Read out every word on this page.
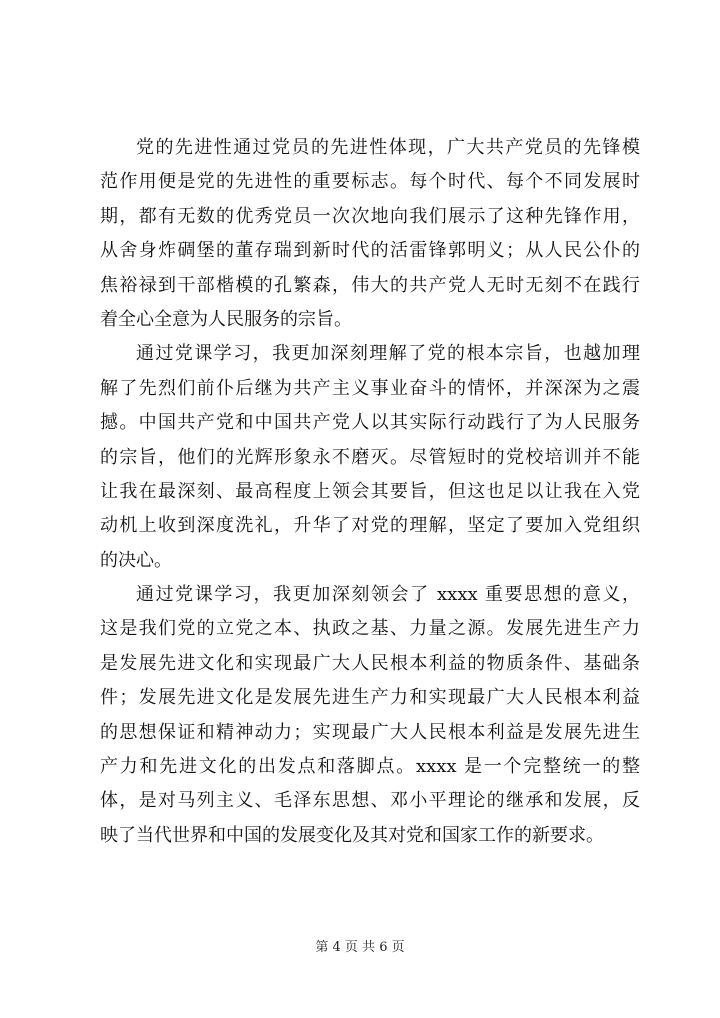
党的先进性通过党员的先进性体现，广大共产党员的先锋模
范作用便是党的先进性的重要标志。每个时代、每个不同发展时
期，都有无数的优秀党员一次次地向我们展示了这种先锋作用，
从舍身炸碉堡的董存瑞到新时代的活雷锋郭明义；从人民公仆的
焦裕禄到干部楷模的孔繁森，伟大的共产党人无时无刻不在践行
着全心全意为人民服务的宗旨。
通过党课学习，我更加深刻理解了党的根本宗旨，也越加理
解了先烈们前仆后继为共产主义事业奋斗的情怀，并深深为之震
撼。中国共产党和中国共产党人以其实际行动践行了为人民服务
的宗旨，他们的光辉形象永不磨灭。尽管短时的党校培训并不能
让我在最深刻、最高程度上领会其要旨，但这也足以让我在入党
动机上收到深度洗礼，升华了对党的理解，坚定了要加入党组织
的决心。
通过党课学习，我更加深刻领会了 xxxx 重要思想的意义，
这是我们党的立党之本、执政之基、力量之源。发展先进生产力
是发展先进文化和实现最广大人民根本利益的物质条件、基础条
件；发展先进文化是发展先进生产力和实现最广大人民根本利益
的思想保证和精神动力；实现最广大人民根本利益是发展先进生
产力和先进文化的出发点和落脚点。xxxx 是一个完整统一的整
体，是对马列主义、毛泽东思想、邓小平理论的继承和发展，反
映了当代世界和中国的发展变化及其对党和国家工作的新要求。
第 4 页 共 6 页
